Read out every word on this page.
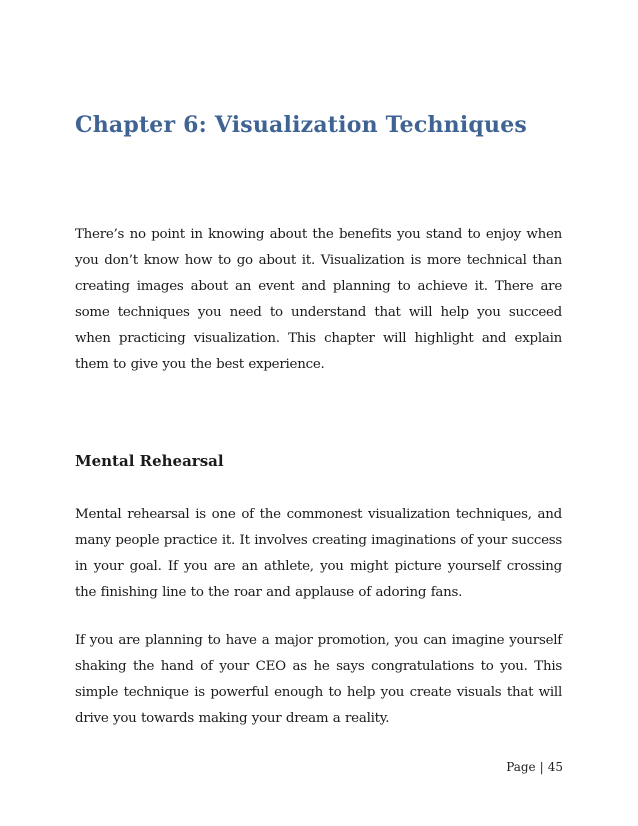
Chapter 6: Visualization Techniques

There’s no point in knowing about the benefits you stand to enjoy when you don’t know how to go about it. Visualization is more technical than creating images about an event and planning to achieve it. There are some techniques you need to understand that will help you succeed when practicing visualization. This chapter will highlight and explain them to give you the best experience.

Mental Rehearsal

Mental rehearsal is one of the commonest visualization techniques, and many people practice it. It involves creating imaginations of your success in your goal. If you are an athlete, you might picture yourself crossing the finishing line to the roar and applause of adoring fans.

If you are planning to have a major promotion, you can imagine yourself shaking the hand of your CEO as he says congratulations to you. This simple technique is powerful enough to help you create visuals that will drive you towards making your dream a reality.

Page | 45
